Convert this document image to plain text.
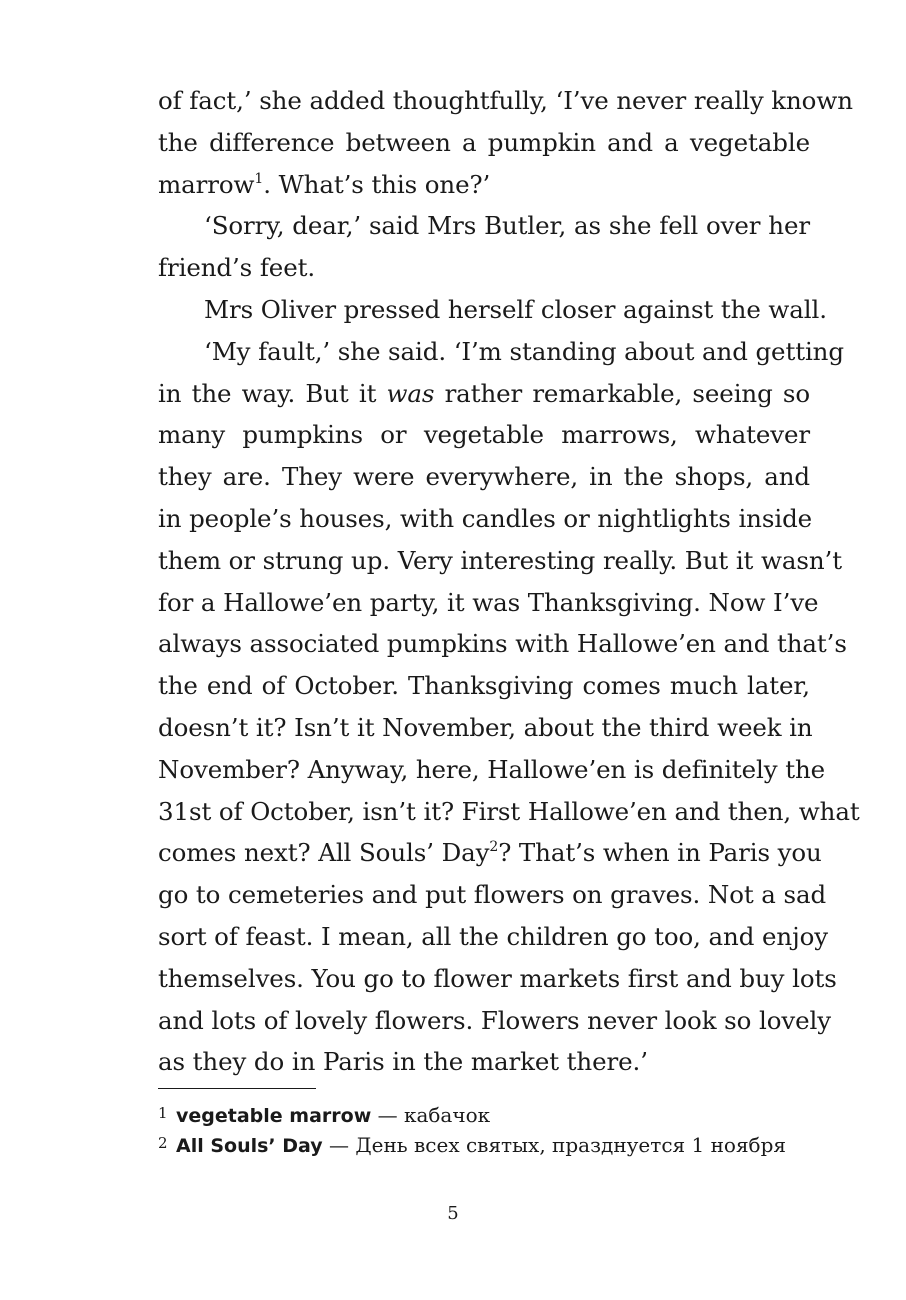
of fact,’ she added thoughtfully, ‘I’ve never really known
the difference between a pumpkin and a vegetable
marrow$^1$. What’s this one?’
‘Sorry, dear,’ said Mrs Butler, as she fell over her
friend’s feet.
Mrs Oliver pressed herself closer against the wall.
‘My fault,’ she said. ‘I’m standing about and getting
in the way. But it was rather remarkable, seeing so
many pumpkins or vegetable marrows, whatever
they are. They were everywhere, in the shops, and
in people’s houses, with candles or nightlights inside
them or strung up. Very interesting really. But it wasn’t
for a Hallowe’en party, it was Thanksgiving. Now I’ve
always associated pumpkins with Hallowe’en and that’s
the end of October. Thanksgiving comes much later,
doesn’t it? Isn’t it November, about the third week in
November? Anyway, here, Hallowe’en is definitely the
31st of October, isn’t it? First Hallowe’en and then, what
comes next? All Souls’ Day$^2$? That’s when in Paris you
go to cemeteries and put flowers on graves. Not a sad
sort of feast. I mean, all the children go too, and enjoy
themselves. You go to flower markets first and buy lots
and lots of lovely flowers. Flowers never look so lovely
as they do in Paris in the market there.’
1 vegetable marrow — кабачок
2 All Souls’ Day — День всех святых, празднуется 1 ноября
5
